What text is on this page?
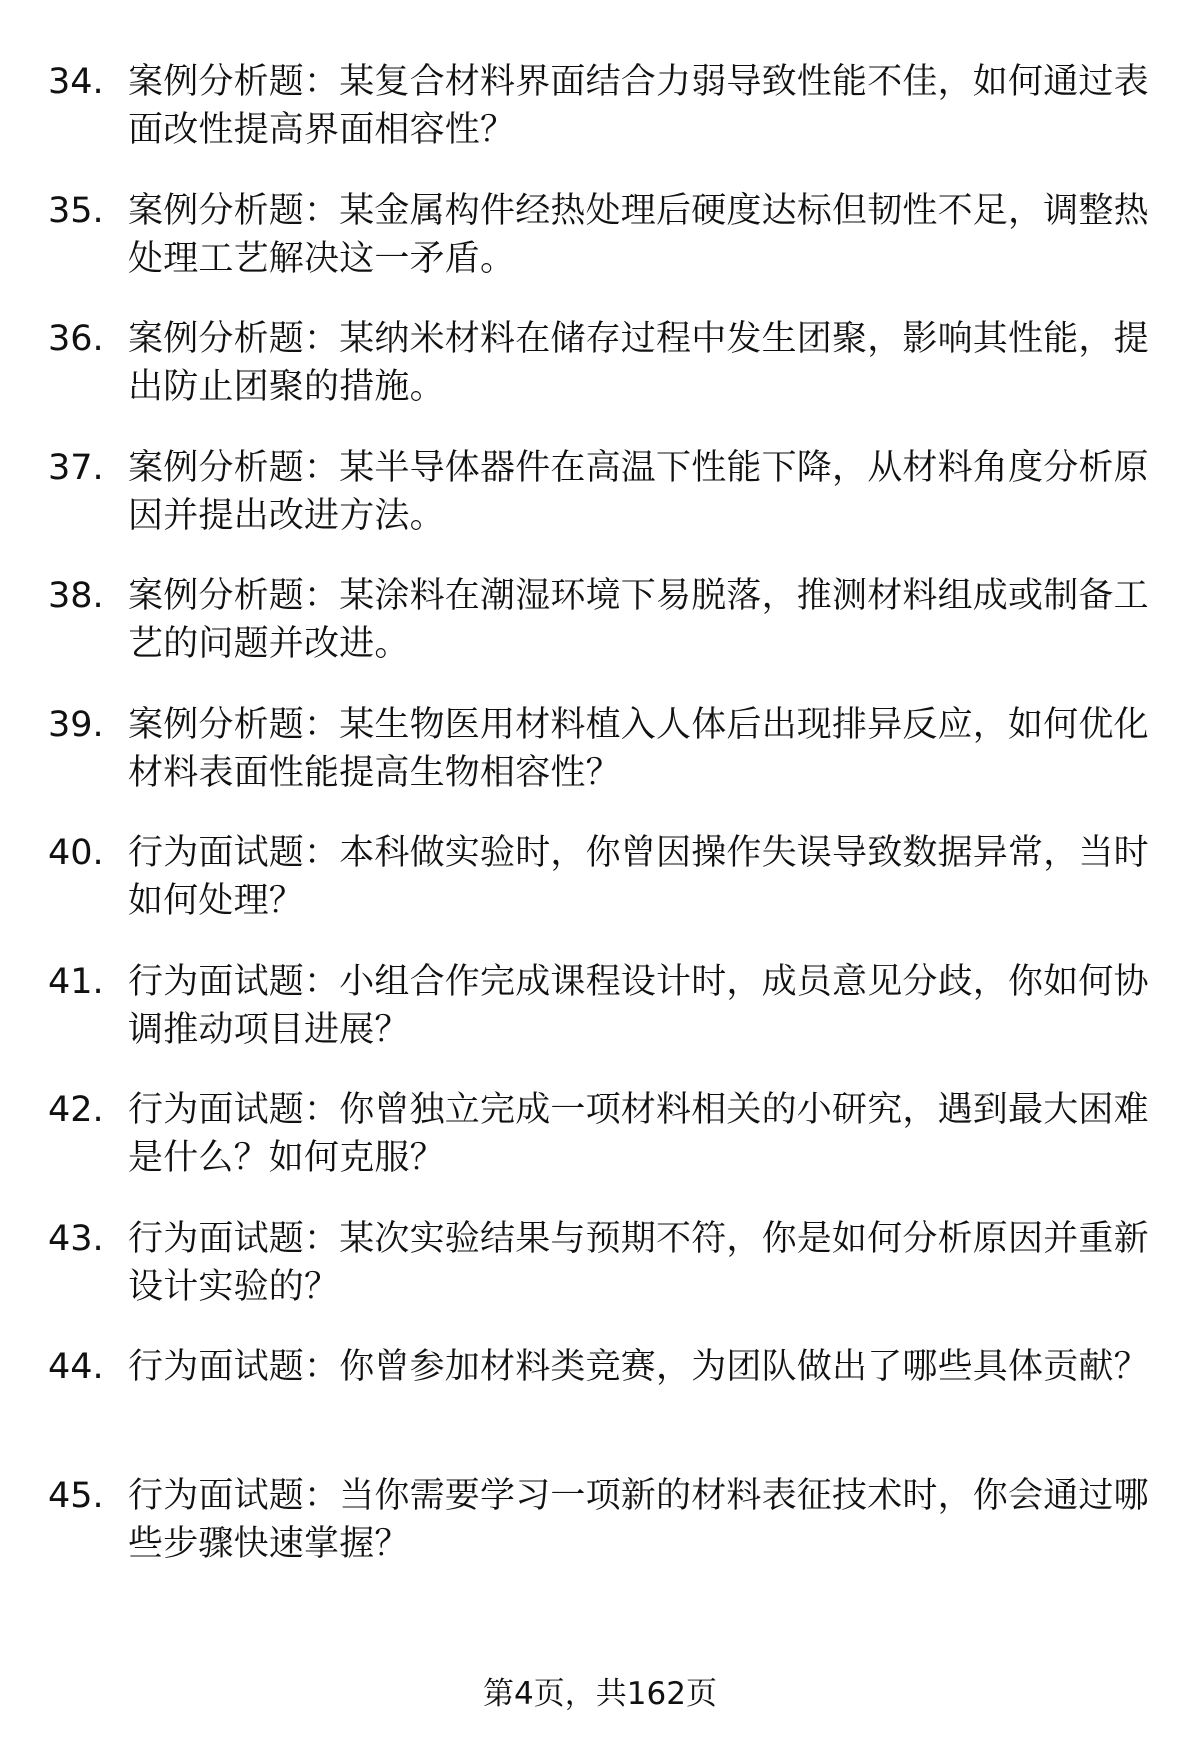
34. 案例分析题：某复合材料界面结合力弱导致性能不佳，如何通过表面改性提高界面相容性？
35. 案例分析题：某金属构件经热处理后硬度达标但韧性不足，调整热处理工艺解决这一矛盾。
36. 案例分析题：某纳米材料在储存过程中发生团聚，影响其性能，提出防止团聚的措施。
37. 案例分析题：某半导体器件在高温下性能下降，从材料角度分析原因并提出改进方法。
38. 案例分析题：某涂料在潮湿环境下易脱落，推测材料组成或制备工艺的问题并改进。
39. 案例分析题：某生物医用材料植入人体后出现排异反应，如何优化材料表面性能提高生物相容性？
40. 行为面试题：本科做实验时，你曾因操作失误导致数据异常，当时如何处理？
41. 行为面试题：小组合作完成课程设计时，成员意见分歧，你如何协调推动项目进展？
42. 行为面试题：你曾独立完成一项材料相关的小研究，遇到最大困难是什么？如何克服？
43. 行为面试题：某次实验结果与预期不符，你是如何分析原因并重新设计实验的？
44. 行为面试题：你曾参加材料类竞赛，为团队做出了哪些具体贡献？
45. 行为面试题：当你需要学习一项新的材料表征技术时，你会通过哪些步骤快速掌握？
第4页，共162页
